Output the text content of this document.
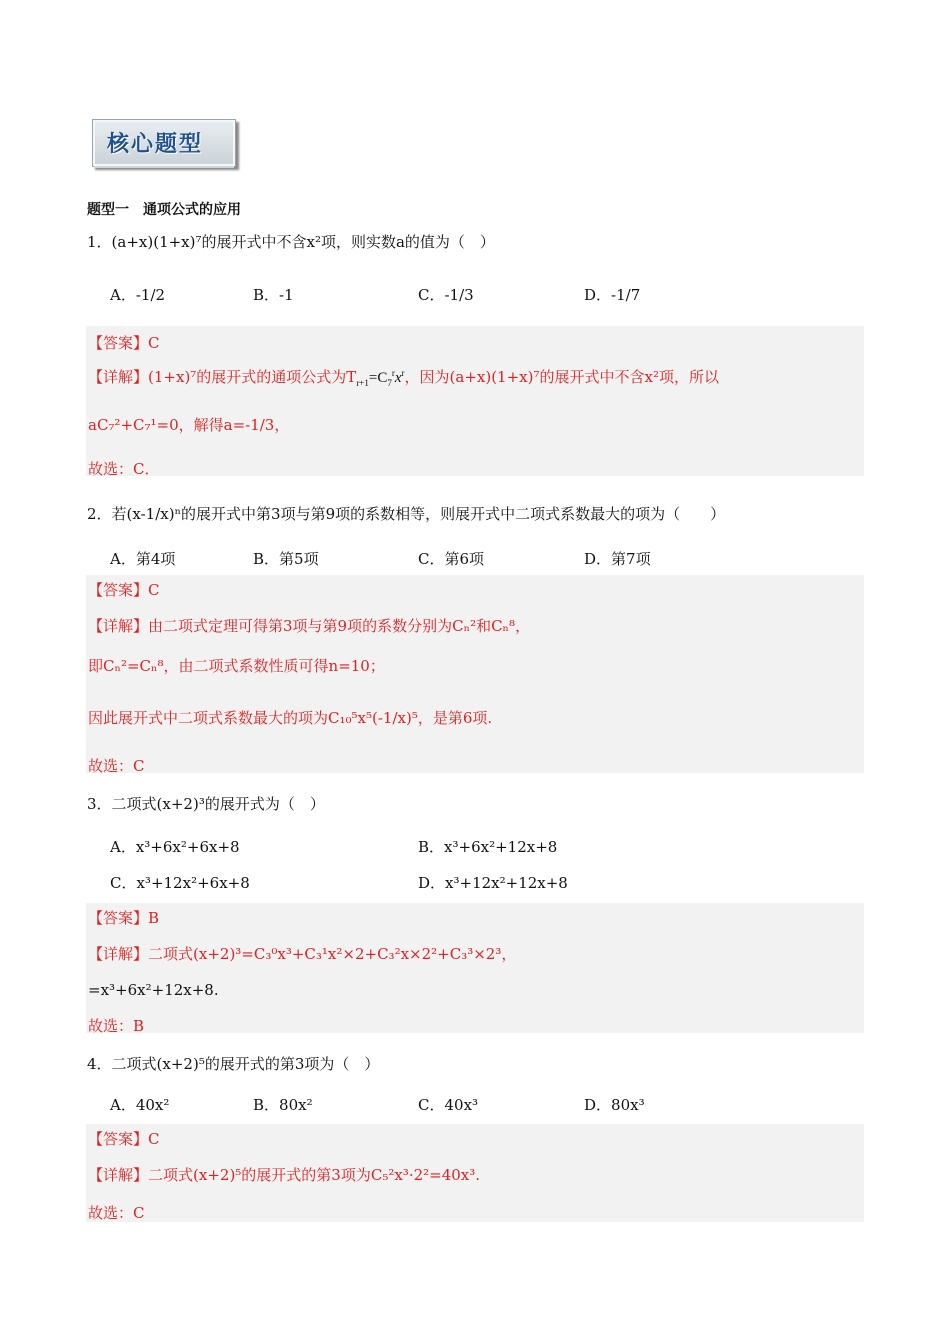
核心题型
题型一　通项公式的应用
1．(a+x)(1+x)⁷的展开式中不含x²项，则实数a的值为（　）
A．-1/2	B．-1	C．-1/3	D．-1/7
【答案】C
【详解】(1+x)⁷的展开式的通项公式为$T_{r+1}=C_7^rx^r$，因为(a+x)(1+x)⁷的展开式中不含x²项，所以
aC₇²+C₇¹=0，解得a=-1/3，
故选：C．
2．若(x-1/x)ⁿ的展开式中第3项与第9项的系数相等，则展开式中二项式系数最大的项为（　　）
A．第4项	B．第5项	C．第6项	D．第7项
【答案】C
【详解】由二项式定理可得第3项与第9项的系数分别为Cₙ²和Cₙ⁸，
即Cₙ²=Cₙ⁸，由二项式系数性质可得n=10；
因此展开式中二项式系数最大的项为C₁₀⁵x⁵(-1/x)⁵，是第6项.
故选：C
3．二项式(x+2)³的展开式为（　）
A．x³+6x²+6x+8	B．x³+6x²+12x+8
C．x³+12x²+6x+8	D．x³+12x²+12x+8
【答案】B
【详解】二项式(x+2)³=C₃⁰x³+C₃¹x²×2+C₃²x×2²+C₃³×2³，
=x³+6x²+12x+8.
故选：B
4．二项式(x+2)⁵的展开式的第3项为（　）
A．40x²	B．80x²	C．40x³	D．80x³
【答案】C
【详解】二项式(x+2)⁵的展开式的第3项为C₅²x³·2²=40x³.
故选：C
